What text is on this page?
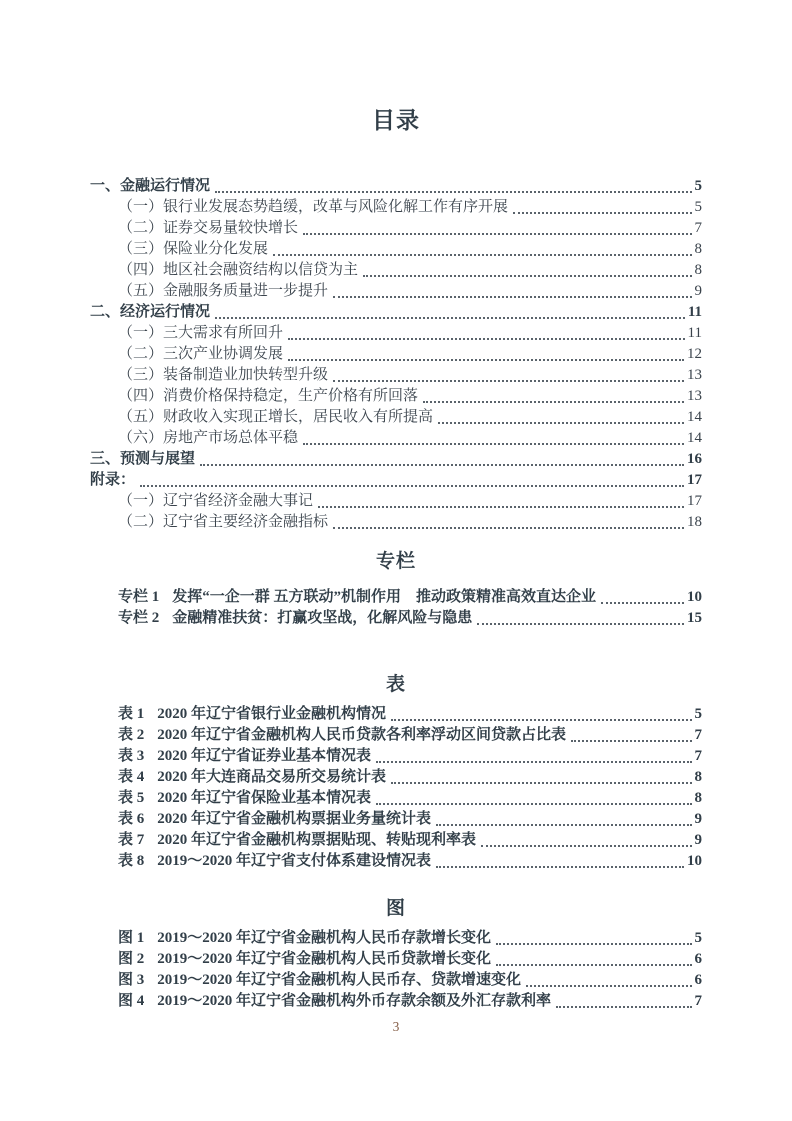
目录
一、金融运行情况	5
（一）银行业发展态势趋缓，改革与风险化解工作有序开展	5
（二）证券交易量较快增长	7
（三）保险业分化发展	8
（四）地区社会融资结构以信贷为主	8
（五）金融服务质量进一步提升	9
二、经济运行情况	11
（一）三大需求有所回升	11
（二）三次产业协调发展	12
（三）装备制造业加快转型升级	13
（四）消费价格保持稳定，生产价格有所回落	13
（五）财政收入实现正增长，居民收入有所提高	14
（六）房地产市场总体平稳	14
三、预测与展望	16
附录：	17
（一）辽宁省经济金融大事记	17
（二）辽宁省主要经济金融指标	18
专栏
专栏 1 发挥“一企一群 五方联动”机制作用　推动政策精准高效直达企业	10
专栏 2 金融精准扶贫：打赢攻坚战，化解风险与隐患	15
表
表 1 2020 年辽宁省银行业金融机构情况	5
表 2 2020 年辽宁省金融机构人民币贷款各利率浮动区间贷款占比表	7
表 3 2020 年辽宁省证券业基本情况表	7
表 4 2020 年大连商品交易所交易统计表	8
表 5 2020 年辽宁省保险业基本情况表	8
表 6 2020 年辽宁省金融机构票据业务量统计表	9
表 7 2020 年辽宁省金融机构票据贴现、转贴现利率表	9
表 8 2019～2020 年辽宁省支付体系建设情况表	10
图
图 1 2019～2020 年辽宁省金融机构人民币存款增长变化	5
图 2 2019～2020 年辽宁省金融机构人民币贷款增长变化	6
图 3 2019～2020 年辽宁省金融机构人民币存、贷款增速变化	6
图 4 2019～2020 年辽宁省金融机构外币存款余额及外汇存款利率	7
3
